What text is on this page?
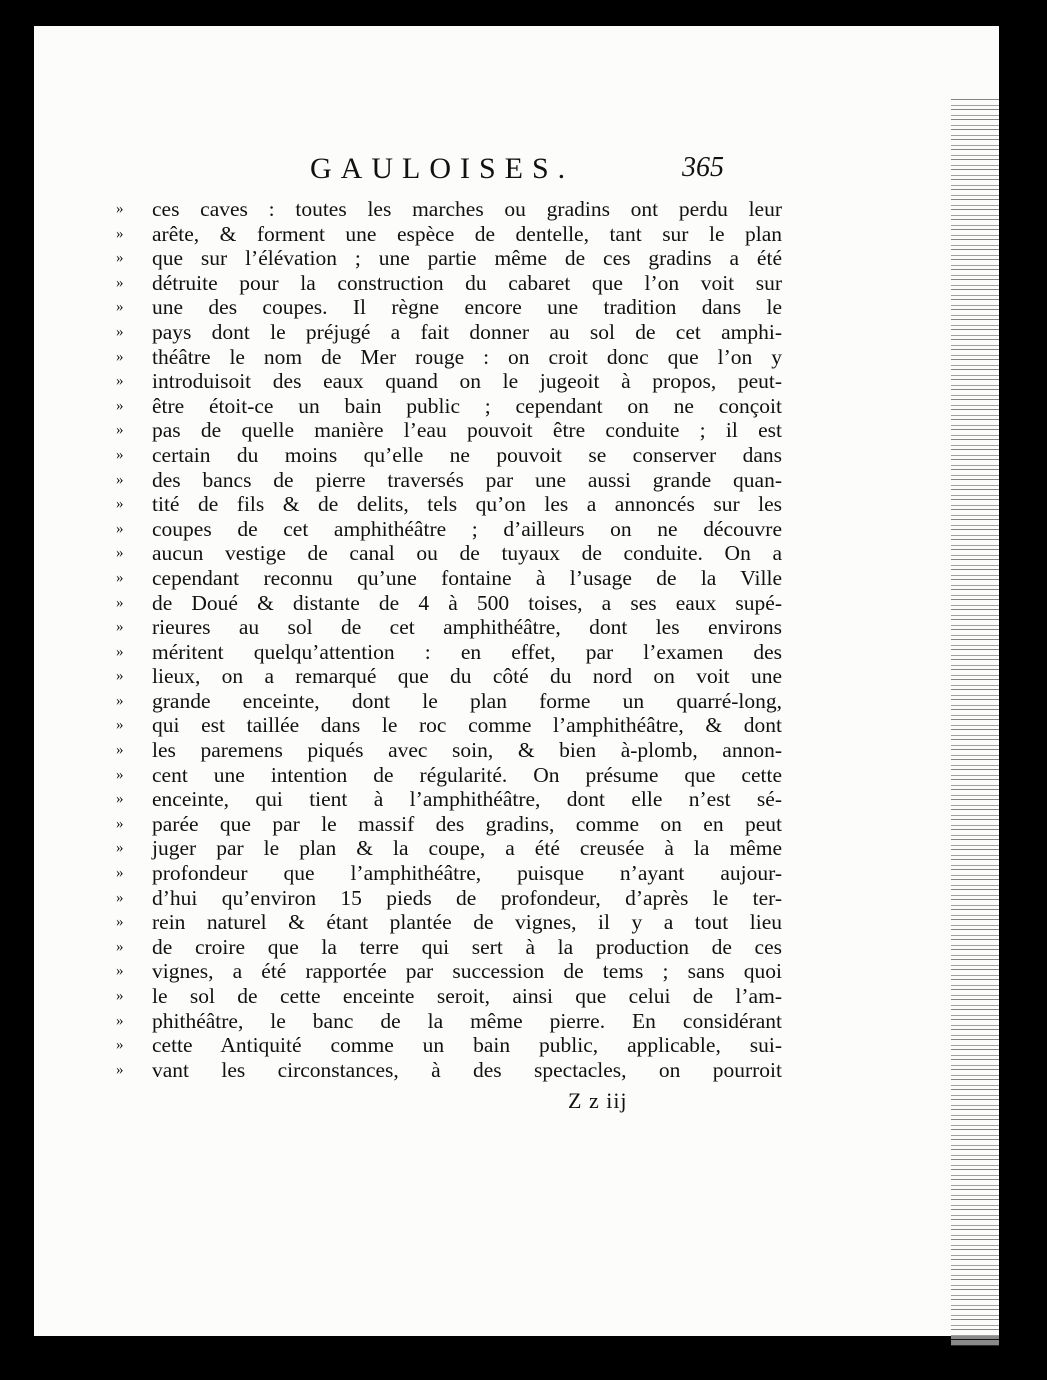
GAULOISES.	365
»	ces caves : toutes les marches ou gradins ont perdu leur
»	arête, & forment une espèce de dentelle, tant sur le plan
»	que sur l’élévation ; une partie même de ces gradins a été
»	détruite pour la construction du cabaret que l’on voit sur
»	une des coupes. Il règne encore une tradition dans le
»	pays dont le préjugé a fait donner au sol de cet amphi-
»	théâtre le nom de Mer rouge : on croit donc que l’on y
»	introduisoit des eaux quand on le jugeoit à propos, peut-
»	être étoit-ce un bain public ; cependant on ne conçoit
»	pas de quelle manière l’eau pouvoit être conduite ; il est
»	certain du moins qu’elle ne pouvoit se conserver dans
»	des bancs de pierre traversés par une aussi grande quan-
»	tité de fils & de delits, tels qu’on les a annoncés sur les
»	coupes de cet amphithéâtre ; d’ailleurs on ne découvre
»	aucun vestige de canal ou de tuyaux de conduite. On a
»	cependant reconnu qu’une fontaine à l’usage de la Ville
»	de Doué & distante de 4 à 500 toises, a ses eaux supé-
»	rieures au sol de cet amphithéâtre, dont les environs
»	méritent quelqu’attention : en effet, par l’examen des
»	lieux, on a remarqué que du côté du nord on voit une
»	grande enceinte, dont le plan forme un quarré-long,
»	qui est taillée dans le roc comme l’amphithéâtre, & dont
»	les paremens piqués avec soin, & bien à-plomb, annon-
»	cent une intention de régularité. On présume que cette
»	enceinte, qui tient à l’amphithéâtre, dont elle n’est sé-
»	parée que par le massif des gradins, comme on en peut
»	juger par le plan & la coupe, a été creusée à la même
»	profondeur que l’amphithéâtre, puisque n’ayant aujour-
»	d’hui qu’environ 15 pieds de profondeur, d’après le ter-
»	rein naturel & étant plantée de vignes, il y a tout lieu
»	de croire que la terre qui sert à la production de ces
»	vignes, a été rapportée par succession de tems ; sans quoi
»	le sol de cette enceinte seroit, ainsi que celui de l’am-
»	phithéâtre, le banc de la même pierre. En considérant
»	cette Antiquité comme un bain public, applicable, sui-
»	vant les circonstances, à des spectacles, on pourroit
Z z iij
